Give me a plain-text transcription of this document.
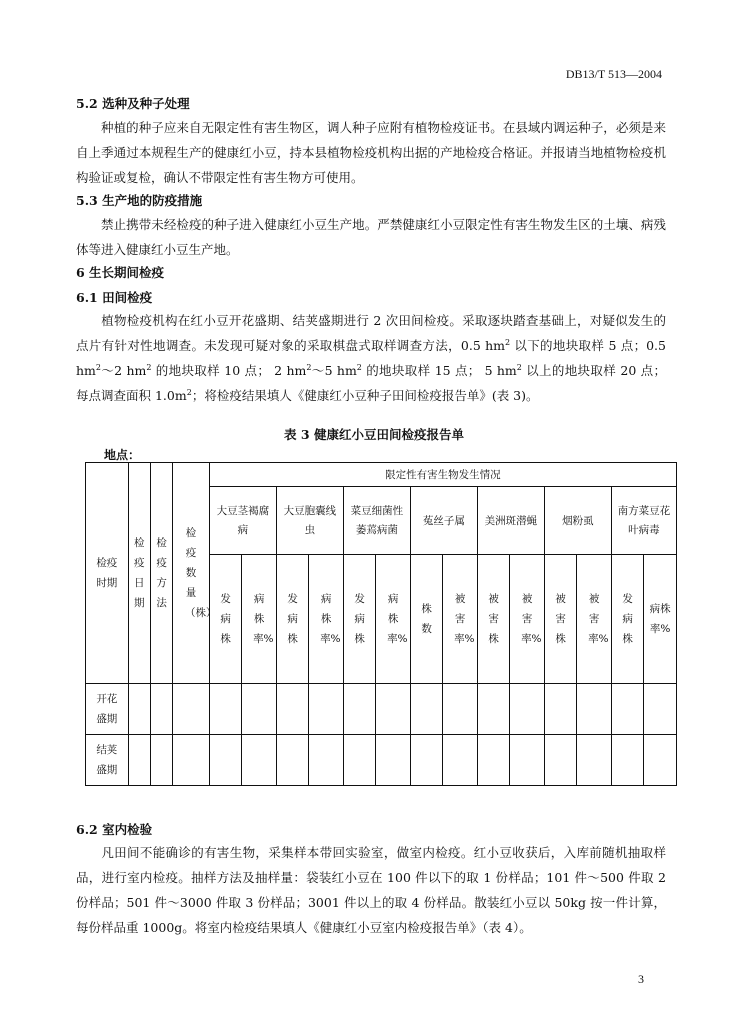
DB13/T 513—2004
5.2 选种及种子处理
种植的种子应来自无限定性有害生物区，调人种子应附有植物检疫证书。在县域内调运种子，必须是来自上季通过本规程生产的健康红小豆，持本县植物检疫机构出据的产地检疫合格证。并报请当地植物检疫机构验证或复检，确认不带限定性有害生物方可使用。
5.3 生产地的防疫措施
禁止携带未经检疫的种子进入健康红小豆生产地。严禁健康红小豆限定性有害生物发生区的土壤、病残体等进入健康红小豆生产地。
6 生长期间检疫
6.1 田间检疫
植物检疫机构在红小豆开花盛期、结荚盛期进行 2 次田间检疫。采取逐块踏查基础上，对疑似发生的点片有针对性地调查。未发现可疑对象的采取棋盘式取样调查方法，0.5 $hm^2$ 以下的地块取样 5 点；0.5 $hm^2\sim 2$ $hm^2$ 的地块取样 10 点； 2 $hm^2\sim 5$ $hm^2$ 的地块取样 15 点； 5 $hm^2$ 以上的地块取样 20 点； 每点调查面积 $1.0m^2$；将检疫结果填人《健康红小豆种子田间检疫报告单》(表 3)。
表 3 健康红小豆田间检疫报告单
地点：
检疫时期	检疫日期	检疫方法	检疫数量（株）	限定性有害生物发生情况													
				大豆茎褐腐病		大豆胞囊线虫		菜豆细菌性萎蔫病菌		菟丝子属		美洲斑潜蝇		烟粉虱		南方菜豆花叶病毒	
				发病株	病株率%	发病株	病株率%	发病株	病株率%	株数	被害率%	被害株	被害率%	被害株	被害率%	发病株	病株率%
开花盛期																	
结荚盛期																	
6.2 室内检验
凡田间不能确诊的有害生物，采集样本带回实验室，做室内检疫。红小豆收获后，入库前随机抽取样品，进行室内检疫。抽样方法及抽样量：袋装红小豆在 100 件以下的取 1 份样品；101 件～500 件取 2 份样品；501 件～3000 件取 3 份样品；3001 件以上的取 4 份样品。散装红小豆以 50kg 按一件计算，每份样品重 1000g。将室内检疫结果填人《健康红小豆室内检疫报告单》（表 4）。
3
